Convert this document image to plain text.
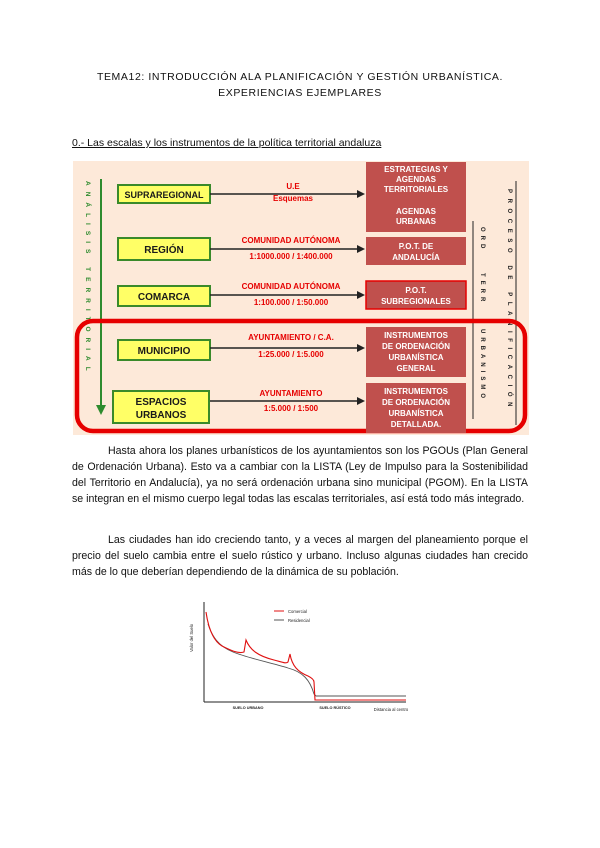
TEMA12: INTRODUCCIÓN ALA PLANIFICACIÓN Y GESTIÓN URBANÍSTICA.
EXPERIENCIAS EJEMPLARES
0.- Las escalas y los instrumentos de la política territorial andaluza
ANÁLISIS TERRITORIAL	PROCESO DE PLANIFICACIÓN
ORD
TERR
URBANISMO
SUPRAREGIONAL
U.E
Esquemas
ESTRATEGIAS Y
AGENDAS
TERRITORIALES
AGENDAS
URBANAS
REGIÓN
COMUNIDAD AUTÓNOMA
1:1000.000 / 1:400.000
P.O.T. DE
ANDALUCÍA
COMARCA
COMUNIDAD AUTÓNOMA
1:100.000 / 1:50.000
P.O.T.
SUBREGIONALES
MUNICIPIO
AYUNTAMIENTO / C.A.
1:25.000 / 1:5.000
INSTRUMENTOS
DE ORDENACIÓN
URBANÍSTICA
GENERAL
ESPACIOS
URBANOS
AYUNTAMIENTO
1:5.000 / 1:500
INSTRUMENTOS
DE ORDENACIÓN
URBANÍSTICA
DETALLADA.
Hasta ahora los planes urbanísticos de los ayuntamientos son los PGOUs (Plan General de Ordenación Urbana). Esto va a cambiar con la LISTA (Ley de Impulso para la Sostenibilidad del Territorio en Andalucía), ya no será ordenación urbana sino municipal (PGOM). En la LISTA se integran en el mismo cuerpo legal todas las escalas territoriales, así está todo más integrado.
Las ciudades han ido creciendo tanto, y a veces al margen del planeamiento porque el precio del suelo cambia entre el suelo rústico y urbano. Incluso algunas ciudades han crecido más de lo que deberían dependiendo de la dinámica de su población.
Valor del Suelo
Distancia al centro
SUELO URBANO	SUELO RÚSTICO
Comercial
Residencial
